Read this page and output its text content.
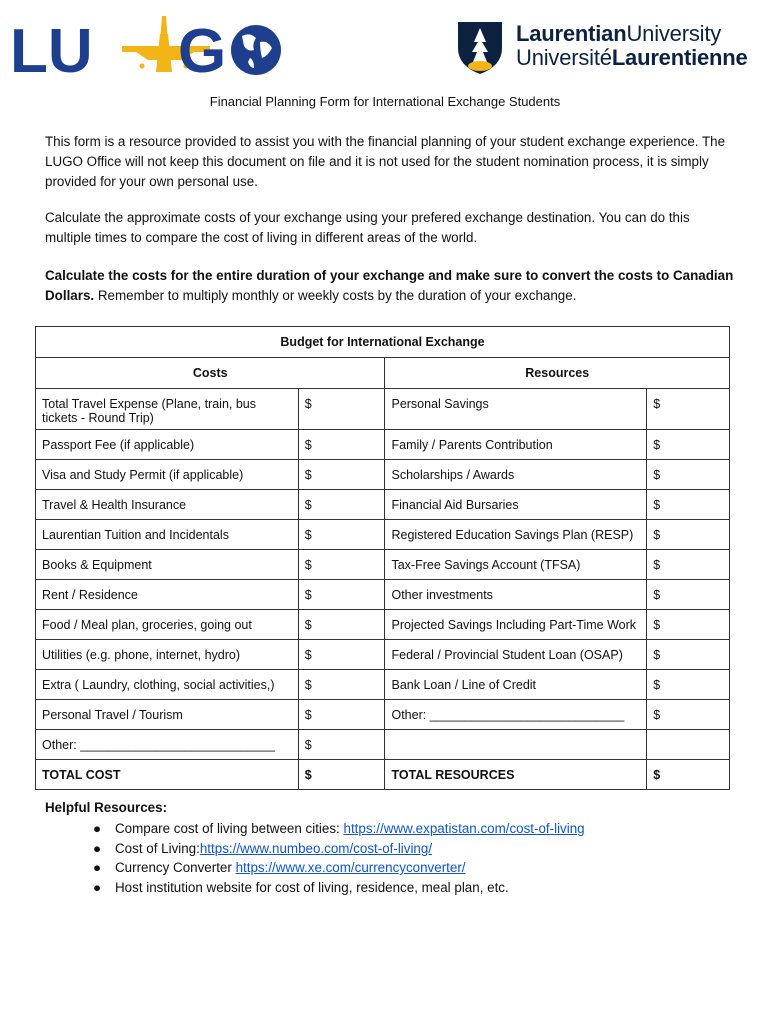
LU G	LaurentianUniversity
UniversitéLaurentienne
Financial Planning Form for International Exchange Students

This form is a resource provided to assist you with the financial planning of your student exchange experience. The LUGO Office will not keep this document on file and it is not used for the student nomination process, it is simply provided for your own personal use.

Calculate the approximate costs of your exchange using your prefered exchange destination. You can do this multiple times to compare the cost of living in different areas of the world.

Calculate the costs for the entire duration of your exchange and make sure to convert the costs to Canadian Dollars. Remember to multiply monthly or weekly costs by the duration of your exchange.

Budget for International Exchange			
Costs		Resources	
Total Travel Expense (Plane, train, bus tickets - Round Trip)	$	Personal Savings	$
Passport Fee (if applicable)	$	Family / Parents Contribution	$
Visa and Study Permit (if applicable)	$	Scholarships / Awards	$
Travel & Health Insurance	$	Financial Aid Bursaries	$
Laurentian Tuition and Incidentals	$	Registered Education Savings Plan (RESP)	$
Books & Equipment	$	Tax-Free Savings Account (TFSA)	$
Rent / Residence	$	Other investments	$
Food / Meal plan, groceries, going out	$	Projected Savings Including Part-Time Work	$
Utilities (e.g. phone, internet, hydro)	$	Federal / Provincial Student Loan (OSAP)	$
Extra ( Laundry, clothing, social activities,)	$	Bank Loan / Line of Credit	$
Personal Travel / Tourism	$	Other: ____________________________	$
Other: ____________________________	$		
TOTAL COST	$	TOTAL RESOURCES	$
Helpful Resources:
● Compare cost of living between cities: https://www.expatistan.com/cost-of-living
● Cost of Living:https://www.numbeo.com/cost-of-living/
● Currency Converter https://www.xe.com/currencyconverter/
● Host institution website for cost of living, residence, meal plan, etc.
